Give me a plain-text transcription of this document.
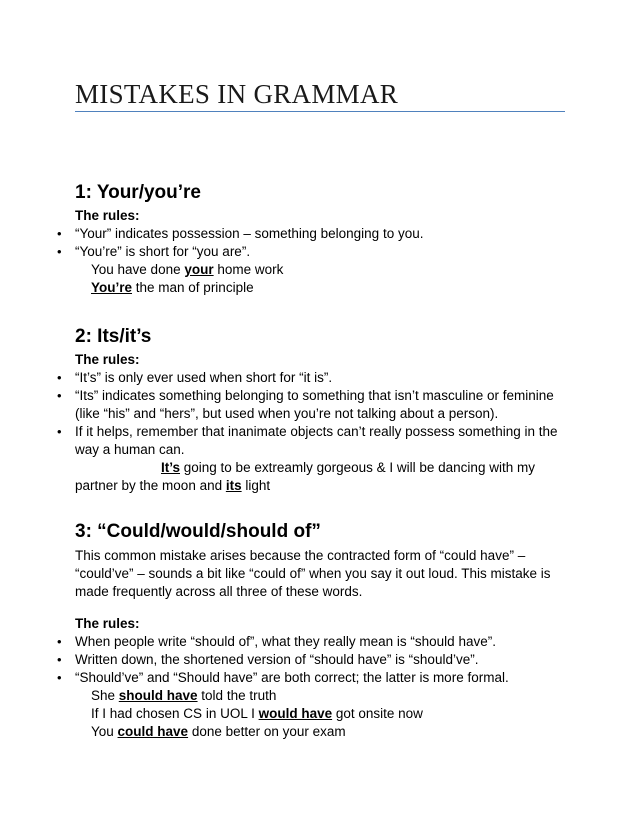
MISTAKES IN GRAMMAR
1: Your/you’re
The rules:
• “Your” indicates possession – something belonging to you.
• “You’re” is short for “you are”.
You have done your home work
You’re the man of principle
2: Its/it’s
The rules:
• “It’s” is only ever used when short for “it is”.
• “Its” indicates something belonging to something that isn’t masculine or feminine
(like “his” and “hers”, but used when you’re not talking about a person).
• If it helps, remember that inanimate objects can’t really possess something in the
way a human can.
It’s going to be extreamly gorgeous & I will be dancing with my
partner by the moon and its light
3: “Could/would/should of”
This common mistake arises because the contracted form of “could have” –
“could’ve” – sounds a bit like “could of” when you say it out loud. This mistake is
made frequently across all three of these words.
The rules:
• When people write “should of”, what they really mean is “should have”.
• Written down, the shortened version of “should have” is “should’ve”.
• “Should’ve” and “Should have” are both correct; the latter is more formal.
She should have told the truth
If I had chosen CS in UOL I would have got onsite now
You could have done better on your exam
